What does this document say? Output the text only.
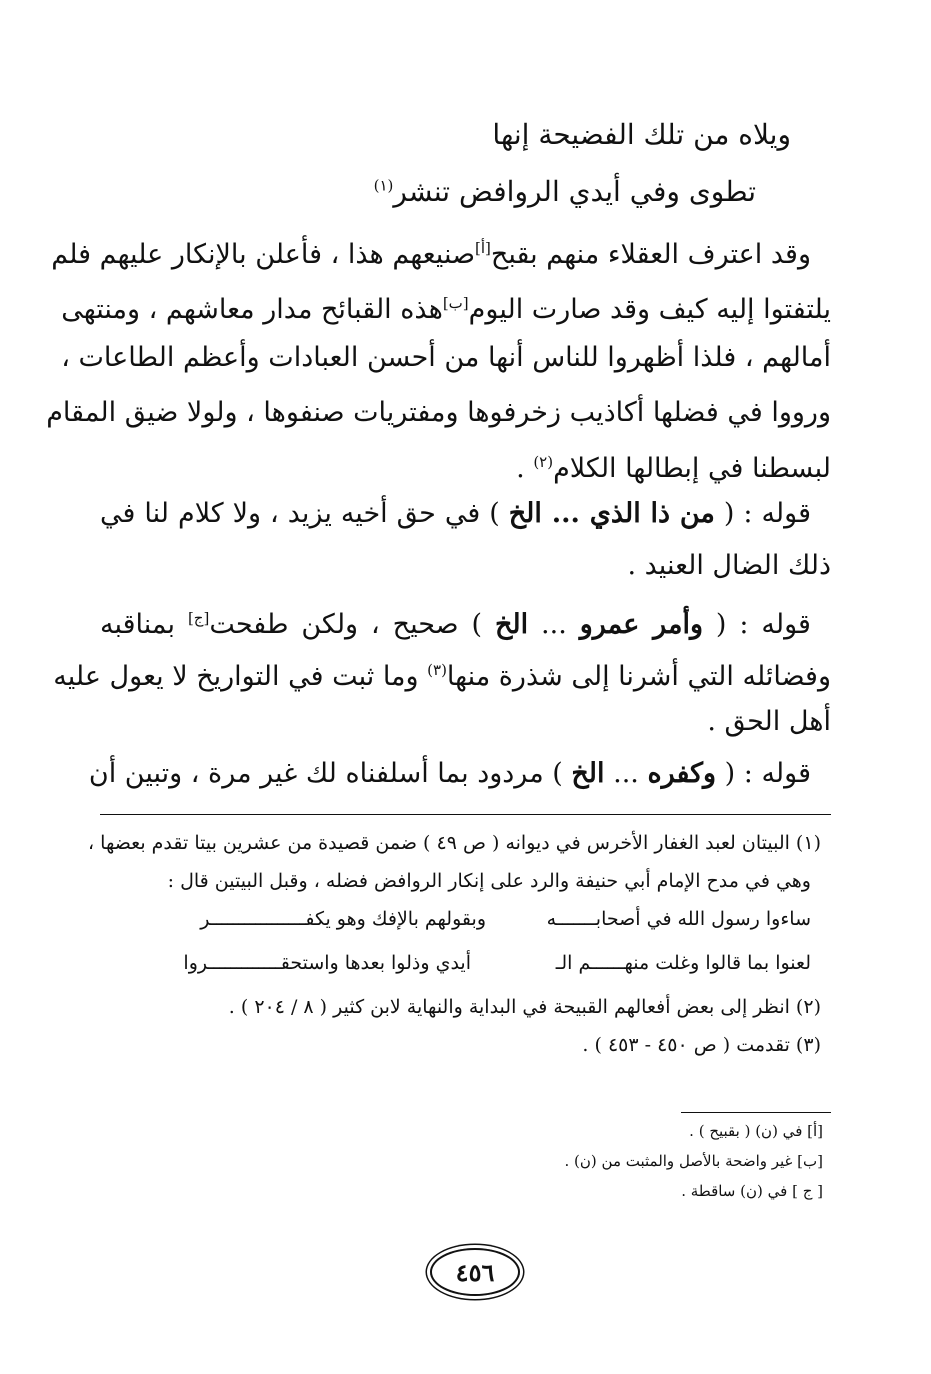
ويلاه من تلك الفضيحة إنها
تطوى وفي أيدي الروافض تنشر$^{(١)}$
وقد اعترف العقلاء منهم بقبح[أ]صنيعهم هذا ، فأعلن بالإنكار عليهم فلم
يلتفتوا إليه كيف وقد صارت اليوم[ب]هذه القبائح مدار معاشهم ، ومنتهى
أمالهم ، فلذا أظهروا للناس أنها من أحسن العبادات وأعظم الطاعات ،
ورووا في فضلها أكاذيب زخرفوها ومفتريات صنفوها ، ولولا ضيق المقام
لبسطنا في إبطالها الكلام$^{(٢)}$ .
قوله : ( من ذا الذي ... الخ ) في حق أخيه يزيد ، ولا كلام لنا في
ذلك الضال العنيد .
قوله : ( وأمر عمرو ... الخ ) صحيح ، ولكن طفحت[ج] بمناقبه
وفضائله التي أشرنا إلى شذرة منها$^{(٣)}$ وما ثبت في التواريخ لا يعول عليه
أهل الحق .
قوله : ( وكفره ... الخ ) مردود بما أسلفناه لك غير مرة ، وتبين أن
(١) البيتان لعبد الغفار الأخرس في ديوانه ( ص ٤٩ ) ضمن قصيدة من عشرين بيتا تقدم بعضها ،
وهي في مدح الإمام أبي حنيفة والرد على إنكار الروافض فضله ، وقبل البيتين قال :
ساءوا رسول الله في أصحابـــــــه
وبقولهم بالإفك وهو يكفـــــــــــــــــر
لعنوا بما قالوا وغلت منهــــــم الـ
أيدي وذلوا بعدها واستحقـــــــــــــروا
(٢) انظر إلى بعض أفعالهم القبيحة في البداية والنهاية لابن كثير ( ٨ / ٢٠٤ ) .
(٣) تقدمت ( ص ٤٥٠ - ٤٥٣ ) .
[أ] في (ن) ( بقبيح ) .
[ب] غير واضحة بالأصل والمثبت من (ن) .
[ ج ] في (ن) ساقطة .
٤٥٦
